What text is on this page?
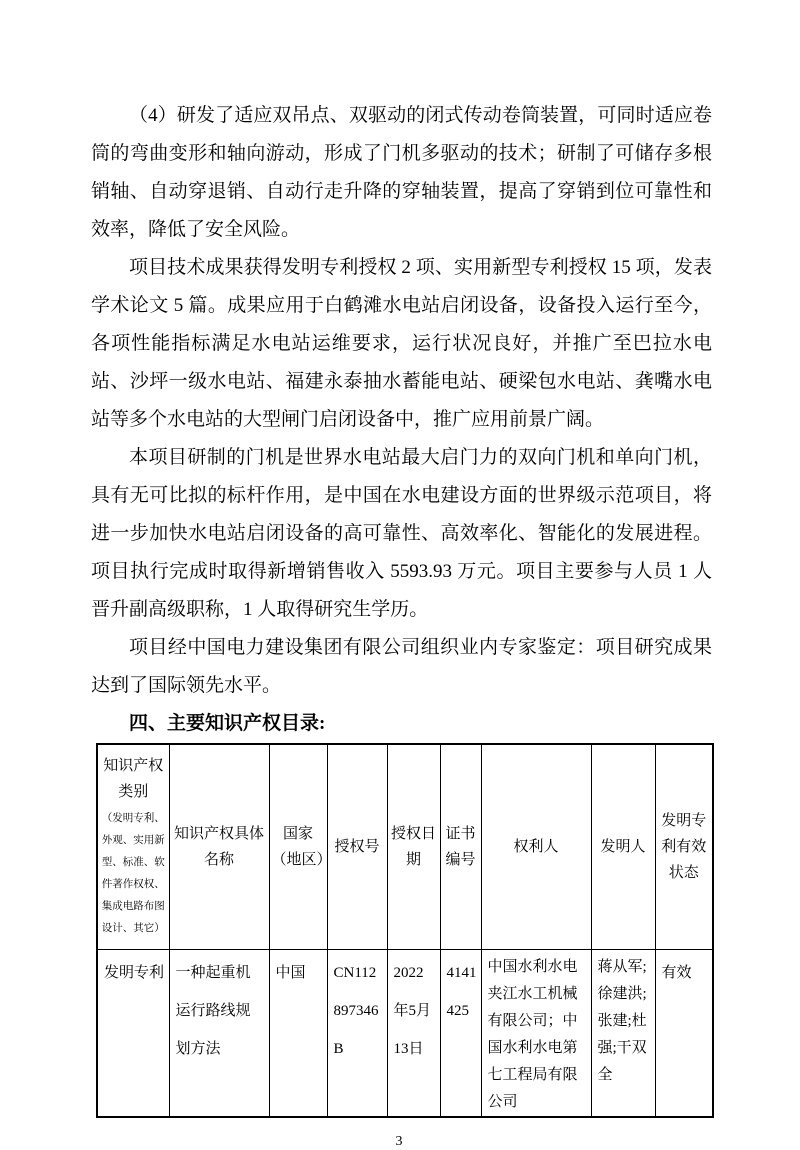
（4）研发了适应双吊点、双驱动的闭式传动卷筒装置，可同时适应卷筒的弯曲变形和轴向游动，形成了门机多驱动的技术；研制了可储存多根销轴、自动穿退销、自动行走升降的穿轴装置，提高了穿销到位可靠性和效率，降低了安全风险。

项目技术成果获得发明专利授权 2 项、实用新型专利授权 15 项，发表学术论文 5 篇。成果应用于白鹤滩水电站启闭设备，设备投入运行至今，各项性能指标满足水电站运维要求，运行状况良好，并推广至巴拉水电站、沙坪一级水电站、福建永泰抽水蓄能电站、硬梁包水电站、龚嘴水电站等多个水电站的大型闸门启闭设备中，推广应用前景广阔。

本项目研制的门机是世界水电站最大启门力的双向门机和单向门机，具有无可比拟的标杆作用，是中国在水电建设方面的世界级示范项目，将进一步加快水电站启闭设备的高可靠性、高效率化、智能化的发展进程。项目执行完成时取得新增销售收入 5593.93 万元。项目主要参与人员 1 人晋升副高级职称，1 人取得研究生学历。

项目经中国电力建设集团有限公司组织业内专家鉴定：项目研究成果达到了国际领先水平。

四、主要知识产权目录:
知识产权类别
（发明专利、外观、实用新型、标准、软件著作权权、集成电路布图设计、其它）	知识产权具体名称	国家（地区）	授权号	授权日期	证书编号	权利人	发明人	发明专利有效状态
发明专利	一种起重机运行路线规划方法	中国	CN112897346B	2022年5月13日	4141425	中国水利水电夹江水工机械有限公司；中国水利水电第七工程局有限公司	蒋从军;徐建洪;张建;杜强;干双全	有效
3
